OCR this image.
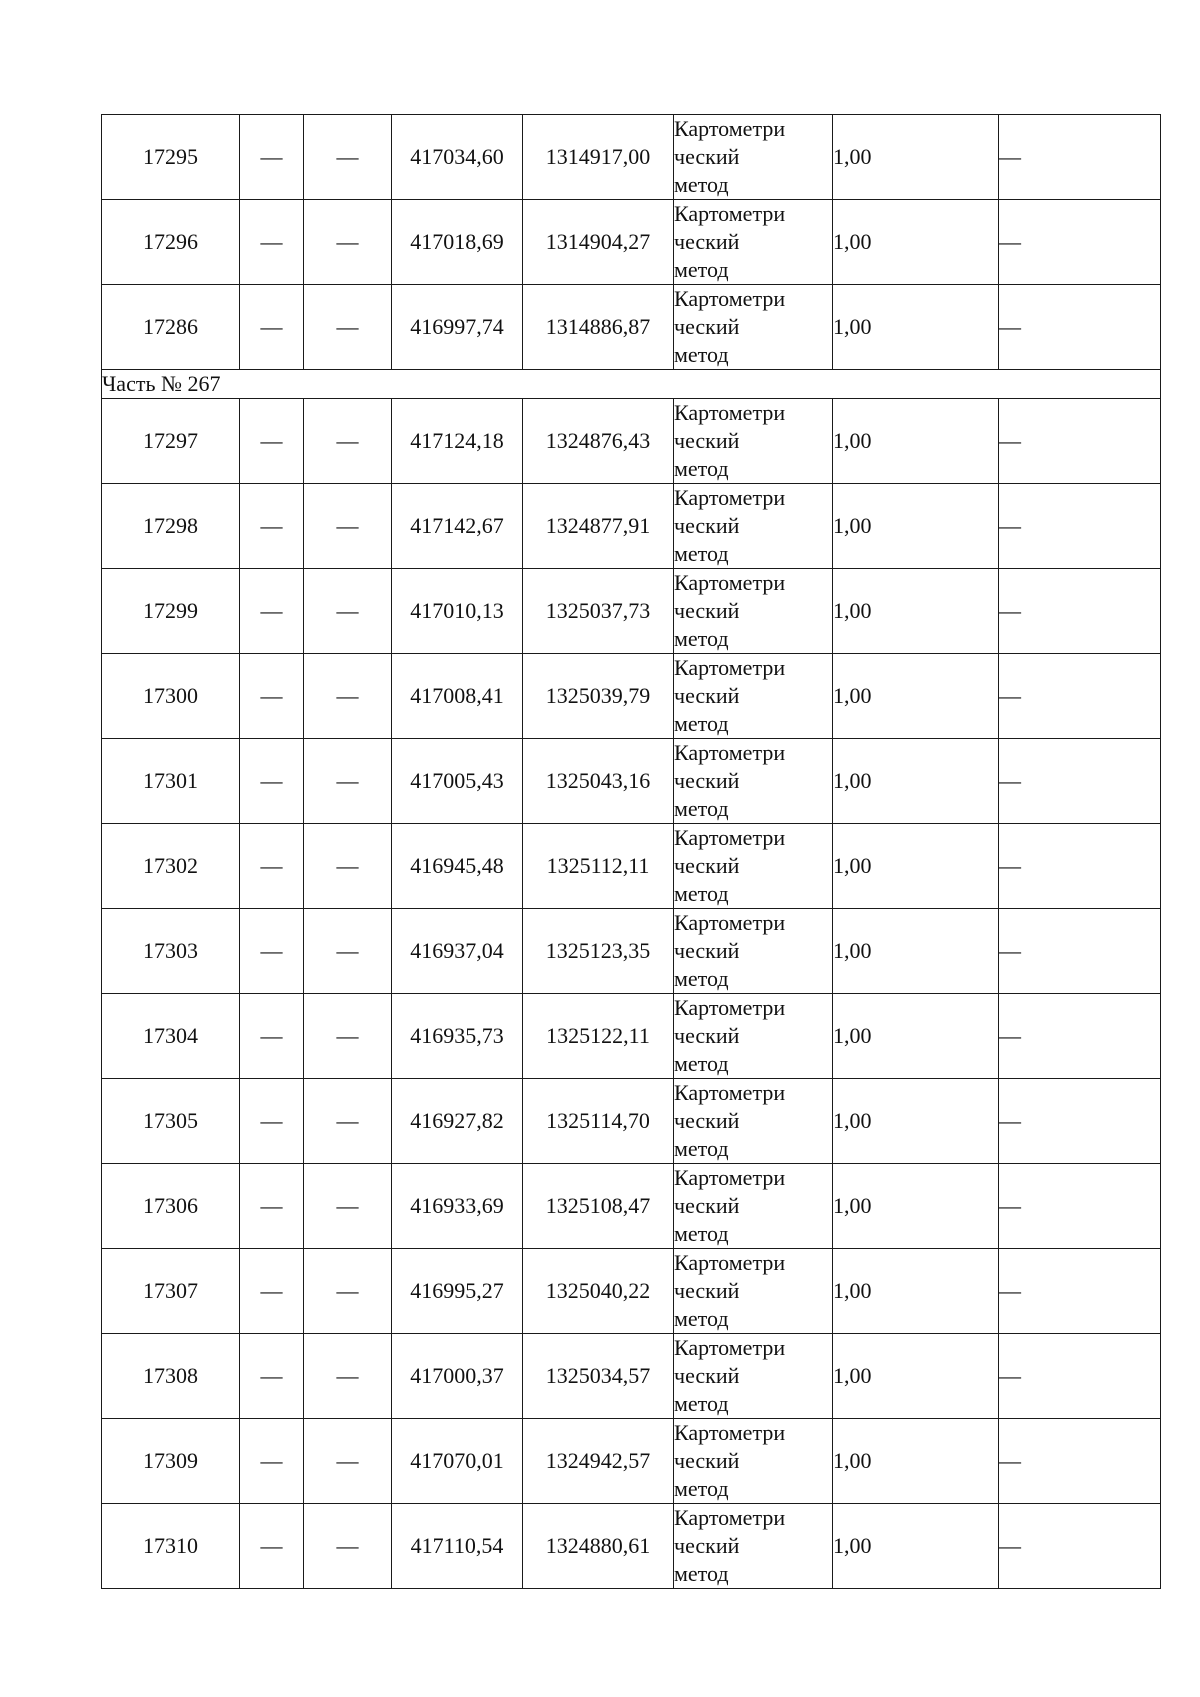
17295	—	—	417034,60	1314917,00	Картометри
ческий
метод	1,00	—
17296	—	—	417018,69	1314904,27	Картометри
ческий
метод	1,00	—
17286	—	—	416997,74	1314886,87	Картометри
ческий
метод	1,00	—
Часть № 267							
17297	—	—	417124,18	1324876,43	Картометри
ческий
метод	1,00	—
17298	—	—	417142,67	1324877,91	Картометри
ческий
метод	1,00	—
17299	—	—	417010,13	1325037,73	Картометри
ческий
метод	1,00	—
17300	—	—	417008,41	1325039,79	Картометри
ческий
метод	1,00	—
17301	—	—	417005,43	1325043,16	Картометри
ческий
метод	1,00	—
17302	—	—	416945,48	1325112,11	Картометри
ческий
метод	1,00	—
17303	—	—	416937,04	1325123,35	Картометри
ческий
метод	1,00	—
17304	—	—	416935,73	1325122,11	Картометри
ческий
метод	1,00	—
17305	—	—	416927,82	1325114,70	Картометри
ческий
метод	1,00	—
17306	—	—	416933,69	1325108,47	Картометри
ческий
метод	1,00	—
17307	—	—	416995,27	1325040,22	Картометри
ческий
метод	1,00	—
17308	—	—	417000,37	1325034,57	Картометри
ческий
метод	1,00	—
17309	—	—	417070,01	1324942,57	Картометри
ческий
метод	1,00	—
17310	—	—	417110,54	1324880,61	Картометри
ческий
метод	1,00	—
